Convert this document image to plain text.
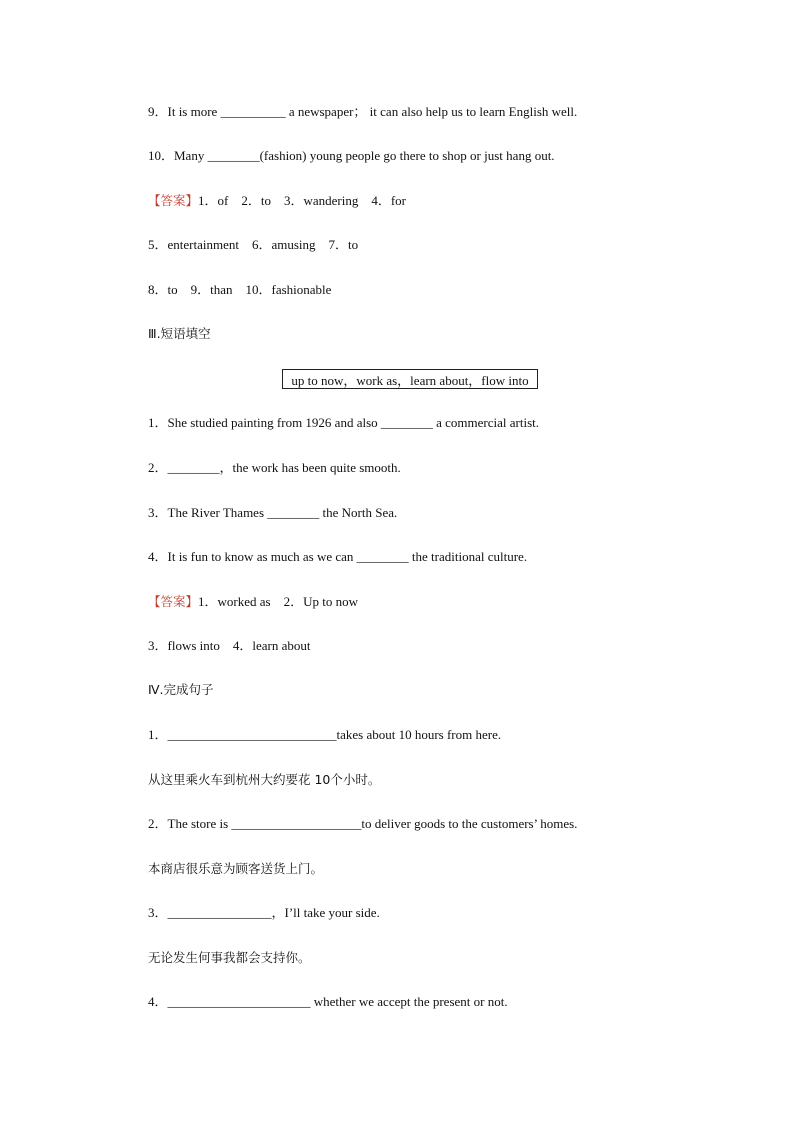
9．It is more __________ a newspaper； it can also help us to learn English well.
10．Many ________(fashion) young people go there to shop or just hang out.
【答案】1．of　2．to　3．wandering　4．for
5．entertainment　6．amusing　7．to
8．to　9．than　10．fashionable
Ⅲ.短语填空
up to now，work as，learn about，flow into
1．She studied painting from 1926 and also ________ a commercial artist.
2．________，the work has been quite smooth.
3．The River Thames ________ the North Sea.
4．It is fun to know as much as we can ________ the traditional culture.
【答案】1．worked as　2．Up to now
3．flows into　4．learn about
Ⅳ.完成句子
1．__________________________takes about 10 hours from here.
从这里乘火车到杭州大约要花 10个小时。
2．The store is ____________________to deliver goods to the customers’ homes.
本商店很乐意为顾客送货上门。
3．________________，I’ll take your side.
无论发生何事我都会支持你。
4．______________________ whether we accept the present or not.
